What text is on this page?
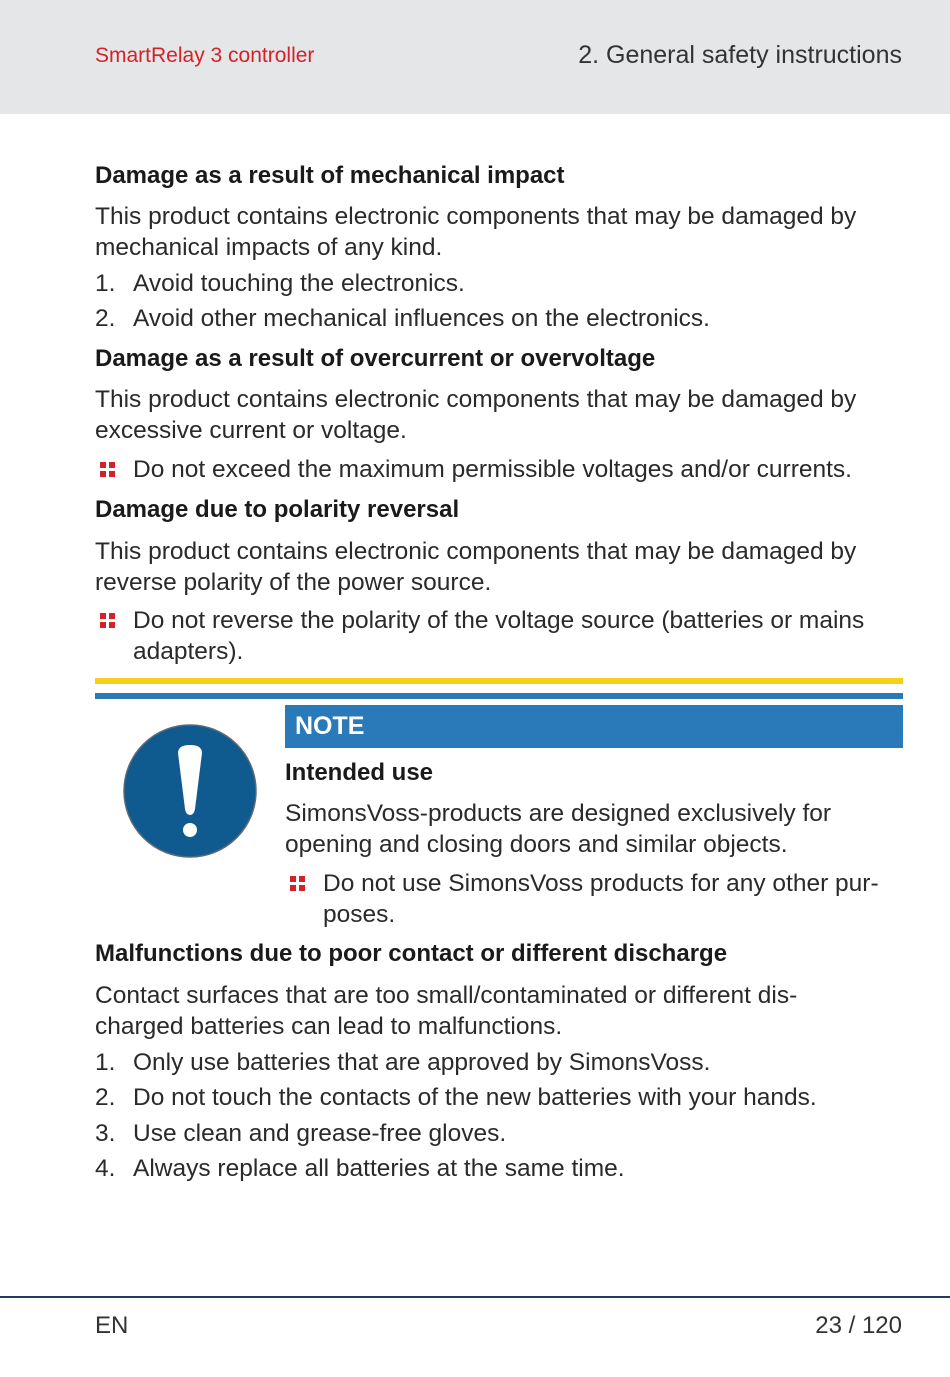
SmartRelay 3 controller	2. General safety instructions
Damage as a result of mechanical impact
This product contains electronic components that may be damaged by mechanical impacts of any kind.
1. Avoid touching the electronics.
2. Avoid other mechanical influences on the electronics.
Damage as a result of overcurrent or overvoltage
This product contains electronic components that may be damaged by excessive current or voltage.
Do not exceed the maximum permissible voltages and/or currents.
Damage due to polarity reversal
This product contains electronic components that may be damaged by reverse polarity of the power source.
Do not reverse the polarity of the voltage source (batteries or mains adapters).
NOTE
Intended use
SimonsVoss-products are designed exclusively for opening and closing doors and similar objects.
Do not use SimonsVoss products for any other pur-poses.
Malfunctions due to poor contact or different discharge
Contact surfaces that are too small/contaminated or different dis-charged batteries can lead to malfunctions.
1. Only use batteries that are approved by SimonsVoss.
2. Do not touch the contacts of the new batteries with your hands.
3. Use clean and grease-free gloves.
4. Always replace all batteries at the same time.
EN	23 / 120
